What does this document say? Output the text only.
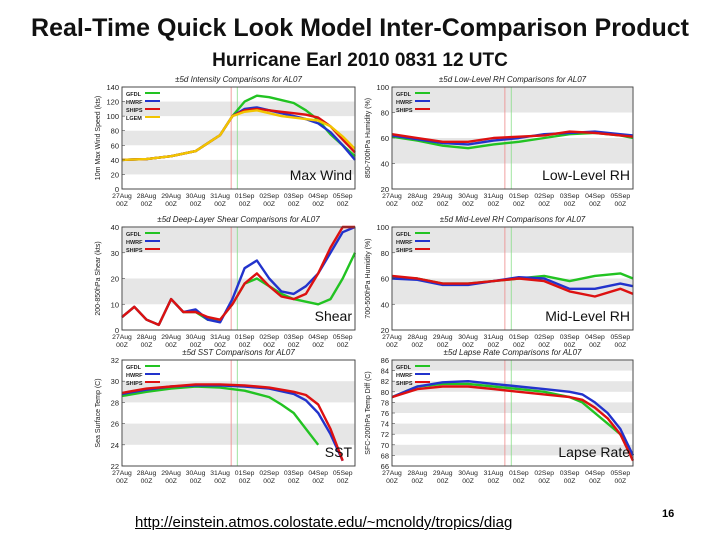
Real-Time Quick Look Model Inter-Comparison Product
Hurricane Earl 2010 0831 12 UTC
0
20
40
60
80
100
120
140
27Aug
00Z
28Aug
00Z
29Aug
00Z
30Aug
00Z
31Aug
00Z
01Sep
00Z
02Sep
00Z
03Sep
00Z
04Sep
00Z
05Sep
00Z
±5d Intensity Comparisons for AL07
10m Max Wind Speed (kts)
GFDL
HWRF
SHIPS
LGEM
Max Wind
20
40
60
80
100
27Aug
00Z
28Aug
00Z
29Aug
00Z
30Aug
00Z
31Aug
00Z
01Sep
00Z
02Sep
00Z
03Sep
00Z
04Sep
00Z
05Sep
00Z
±5d Low-Level RH Comparisons for AL07
850-700hPa Humidity (%)
GFDL
HWRF
SHIPS
Low-Level RH
0
10
20
30
40
27Aug
00Z
28Aug
00Z
29Aug
00Z
30Aug
00Z
31Aug
00Z
01Sep
00Z
02Sep
00Z
03Sep
00Z
04Sep
00Z
05Sep
00Z
±5d Deep-Layer Shear Comparisons for AL07
200-850hPa Shear (kts)
GFDL
HWRF
SHIPS
Shear
20
40
60
80
100
27Aug
00Z
28Aug
00Z
29Aug
00Z
30Aug
00Z
31Aug
00Z
01Sep
00Z
02Sep
00Z
03Sep
00Z
04Sep
00Z
05Sep
00Z
±5d Mid-Level RH Comparisons for AL07
700-500hPa Humidity (%)
GFDL
HWRF
SHIPS
Mid-Level RH
22
24
26
28
30
32
27Aug
00Z
28Aug
00Z
29Aug
00Z
30Aug
00Z
31Aug
00Z
01Sep
00Z
02Sep
00Z
03Sep
00Z
04Sep
00Z
05Sep
00Z
±5d SST Comparisons for AL07
Sea Surface Temp (C)
GFDL
HWRF
SHIPS
SST
66
68
70
72
74
76
78
80
82
84
86
27Aug
00Z
28Aug
00Z
29Aug
00Z
30Aug
00Z
31Aug
00Z
01Sep
00Z
02Sep
00Z
03Sep
00Z
04Sep
00Z
05Sep
00Z
±5d Lapse Rate Comparisons for AL07
SFC-200hPa Temp Diff (C)
GFDL
HWRF
SHIPS
Lapse Rate
http://einstein.atmos.colostate.edu/~mcnoldy/tropics/diag	16
